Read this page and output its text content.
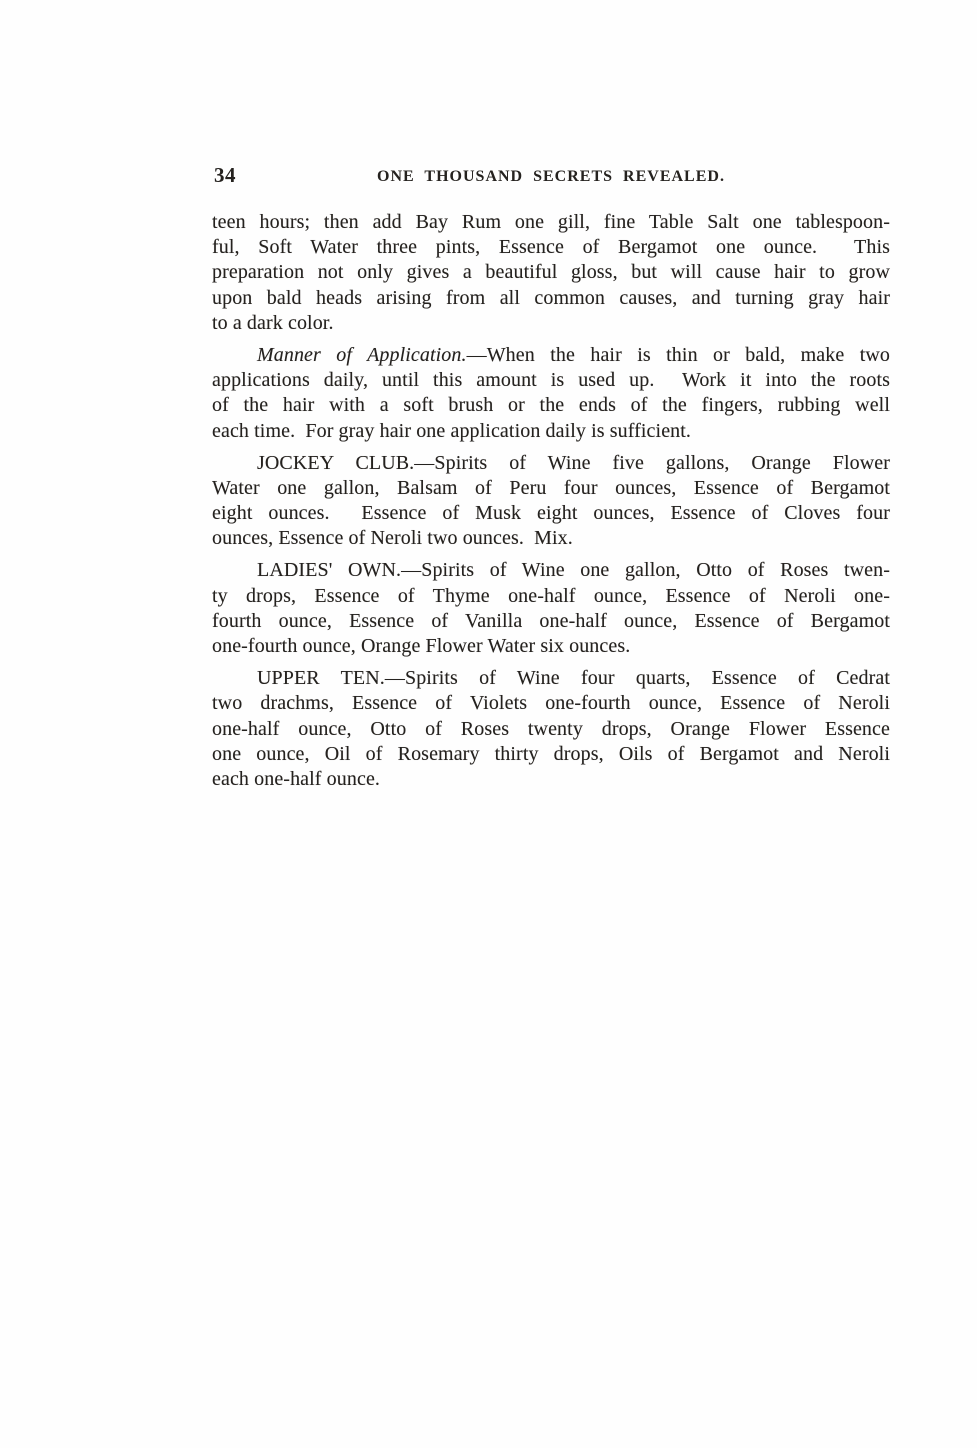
34	ONE THOUSAND SECRETS REVEALED.
teen hours; then add Bay Rum one gill, fine Table Salt one tablespoon-
ful, Soft Water three pints, Essence of Bergamot one ounce.  This
preparation not only gives a beautiful gloss, but will cause hair to grow
upon bald heads arising from all common causes, and turning gray hair
to a dark color.
Manner of Application.—When the hair is thin or bald, make two
applications daily, until this amount is used up.  Work it into the roots
of the hair with a soft brush or the ends of the fingers, rubbing well
each time.  For gray hair one application daily is sufficient.
JOCKEY CLUB.—Spirits of Wine five gallons, Orange Flower
Water one gallon, Balsam of Peru four ounces, Essence of Bergamot
eight ounces.  Essence of Musk eight ounces, Essence of Cloves four
ounces, Essence of Neroli two ounces.  Mix.
LADIES' OWN.—Spirits of Wine one gallon, Otto of Roses twen-
ty drops, Essence of Thyme one-half ounce, Essence of Neroli one-
fourth ounce, Essence of Vanilla one-half ounce, Essence of Bergamot
one-fourth ounce, Orange Flower Water six ounces.
UPPER TEN.—Spirits of Wine four quarts, Essence of Cedrat
two drachms, Essence of Violets one-fourth ounce, Essence of Neroli
one-half ounce, Otto of Roses twenty drops, Orange Flower Essence
one ounce, Oil of Rosemary thirty drops, Oils of Bergamot and Neroli
each one-half ounce.
